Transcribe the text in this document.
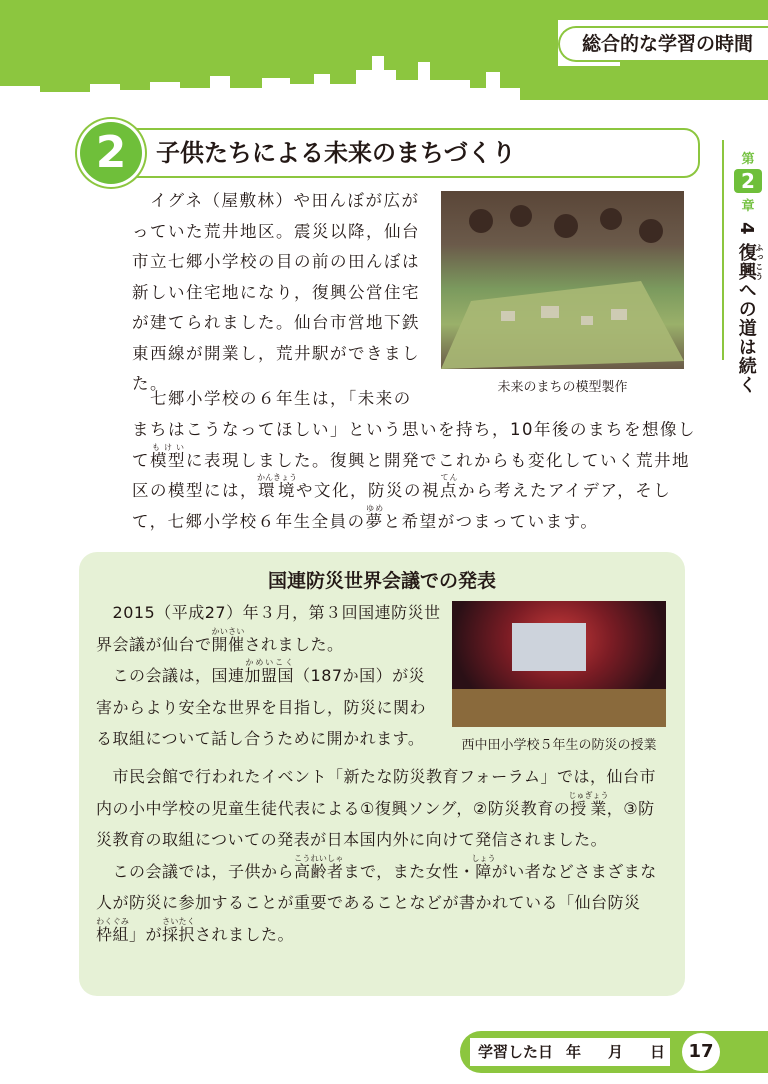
総合的な学習の時間
2	子供たちによる未来のまちづくり	第
2
章
4 復興ふっこうへの道は続く

　イグネ（屋敷林）や田んぼが広がっていた荒井地区。震災以降，仙台市立七郷小学校の目の前の田んぼは新しい住宅地になり，復興公営住宅が建てられました。仙台市営地下鉄東西線が開業し，荒井駅ができました。

　七郷小学校の６年生は，「未来の

まちはこうなってほしい」という思いを持ち，10年後のまちを想像して模型もけいに表現しました。復興と開発でこれからも変化していく荒井地区の模型には，環境かんきょうや文化，防災の視点てんから考えたアイデア，そして，七郷小学校６年生全員の夢ゆめと希望がつまっています。

未来のまちの模型製作
国連防災世界会議での発表

　2015（平成27）年３月，第３回国連防災世界会議が仙台で開催かいさいされました。
　この会議は，国連加盟国かめいこく（187か国）が災害からより安全な世界を目指し，防災に関わる取組について話し合うために開かれます。	西中田小学校５年生の防災の授業

　市民会館で行われたイベント「新たな防災教育フォーラム」では，仙台市内の小中学校の児童生徒代表による①復興ソング，②防災教育の授業じゅぎょう，③防災教育の取組についての発表が日本国内外に向けて発信されました。
　この会議では，子供から高齢者こうれいしゃまで，また女性・障しょうがい者などさまざまな人が防災に参加することが重要であることなどが書かれている「仙台防災枠組わくぐみ」が採択さいたくされました。

学習した日 年 月 日	17
